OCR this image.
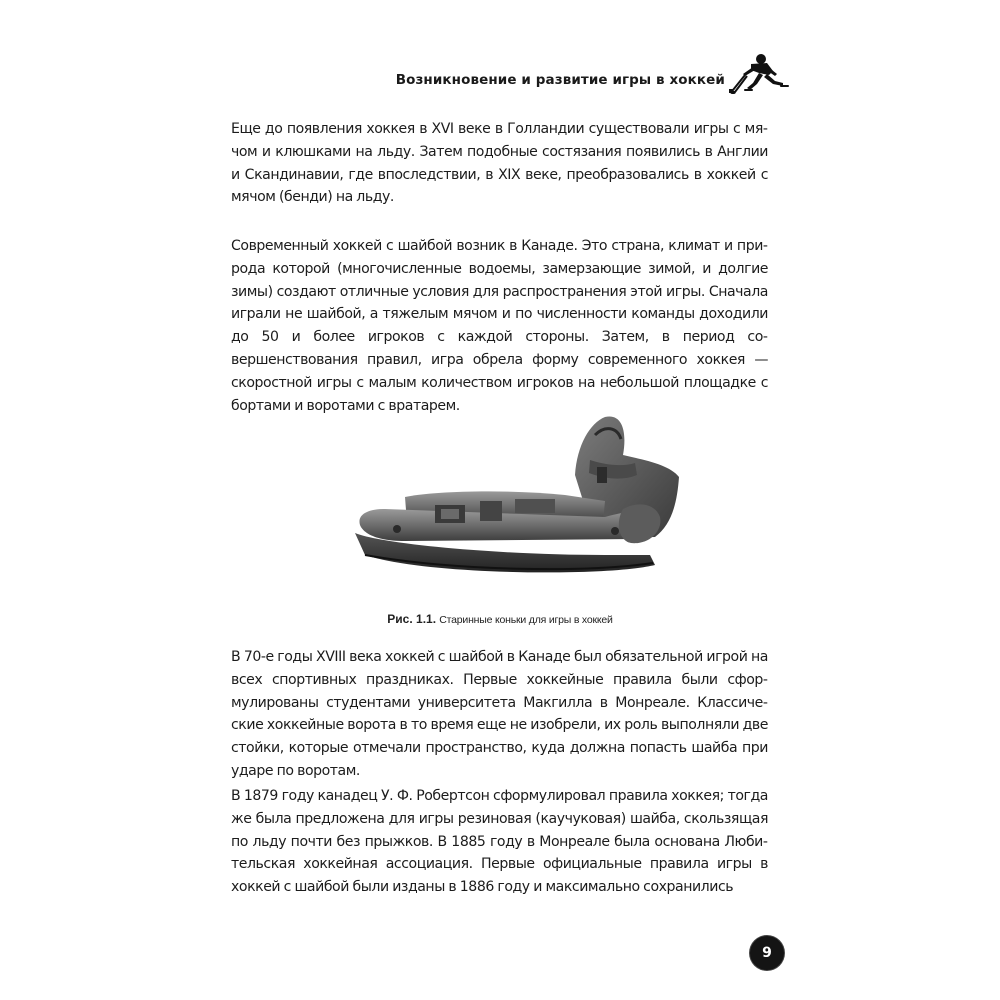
Возникновение и развитие игры в хоккей

Еще до появления хоккея в XVI веке в Голландии существовали игры с мячом и клюшками на льду. Затем подобные состязания появились в Англии и Скандинавии, где впоследствии, в XIX веке, преобразовались в хоккей с мячом (бенди) на льду.

Современный хоккей с шайбой возник в Канаде. Это страна, климат и природа которой (многочисленные водоемы, замерзающие зимой, и долгие зимы) создают отличные условия для распространения этой игры. Сначала играли не шайбой, а тяжелым мячом и по численности команды доходили до 50 и более игроков с каждой стороны. Затем, в период совершенствования правил, игра обрела форму современного хоккея — скоростной игры с малым количеством игроков на небольшой площадке с бортами и воротами с вратарем.

Рис. 1.1. Старинные коньки для игры в хоккей

В 70-е годы XVIII века хоккей с шайбой в Канаде был обязательной игрой на всех спортивных праздниках. Первые хоккейные правила были сформулированы студентами университета Макгилла в Монреале. Классические хоккейные ворота в то время еще не изобрели, их роль выполняли две стойки, которые отмечали пространство, куда должна попасть шайба при ударе по воротам.

В 1879 году канадец У. Ф. Робертсон сформулировал правила хоккея; тогда же была предложена для игры резиновая (каучуковая) шайба, скользящая по льду почти без прыжков. В 1885 году в Монреале была основана Любительская хоккейная ассоциация. Первые официальные правила игры в хоккей с шайбой были изданы в 1886 году и максимально сохранились

9
